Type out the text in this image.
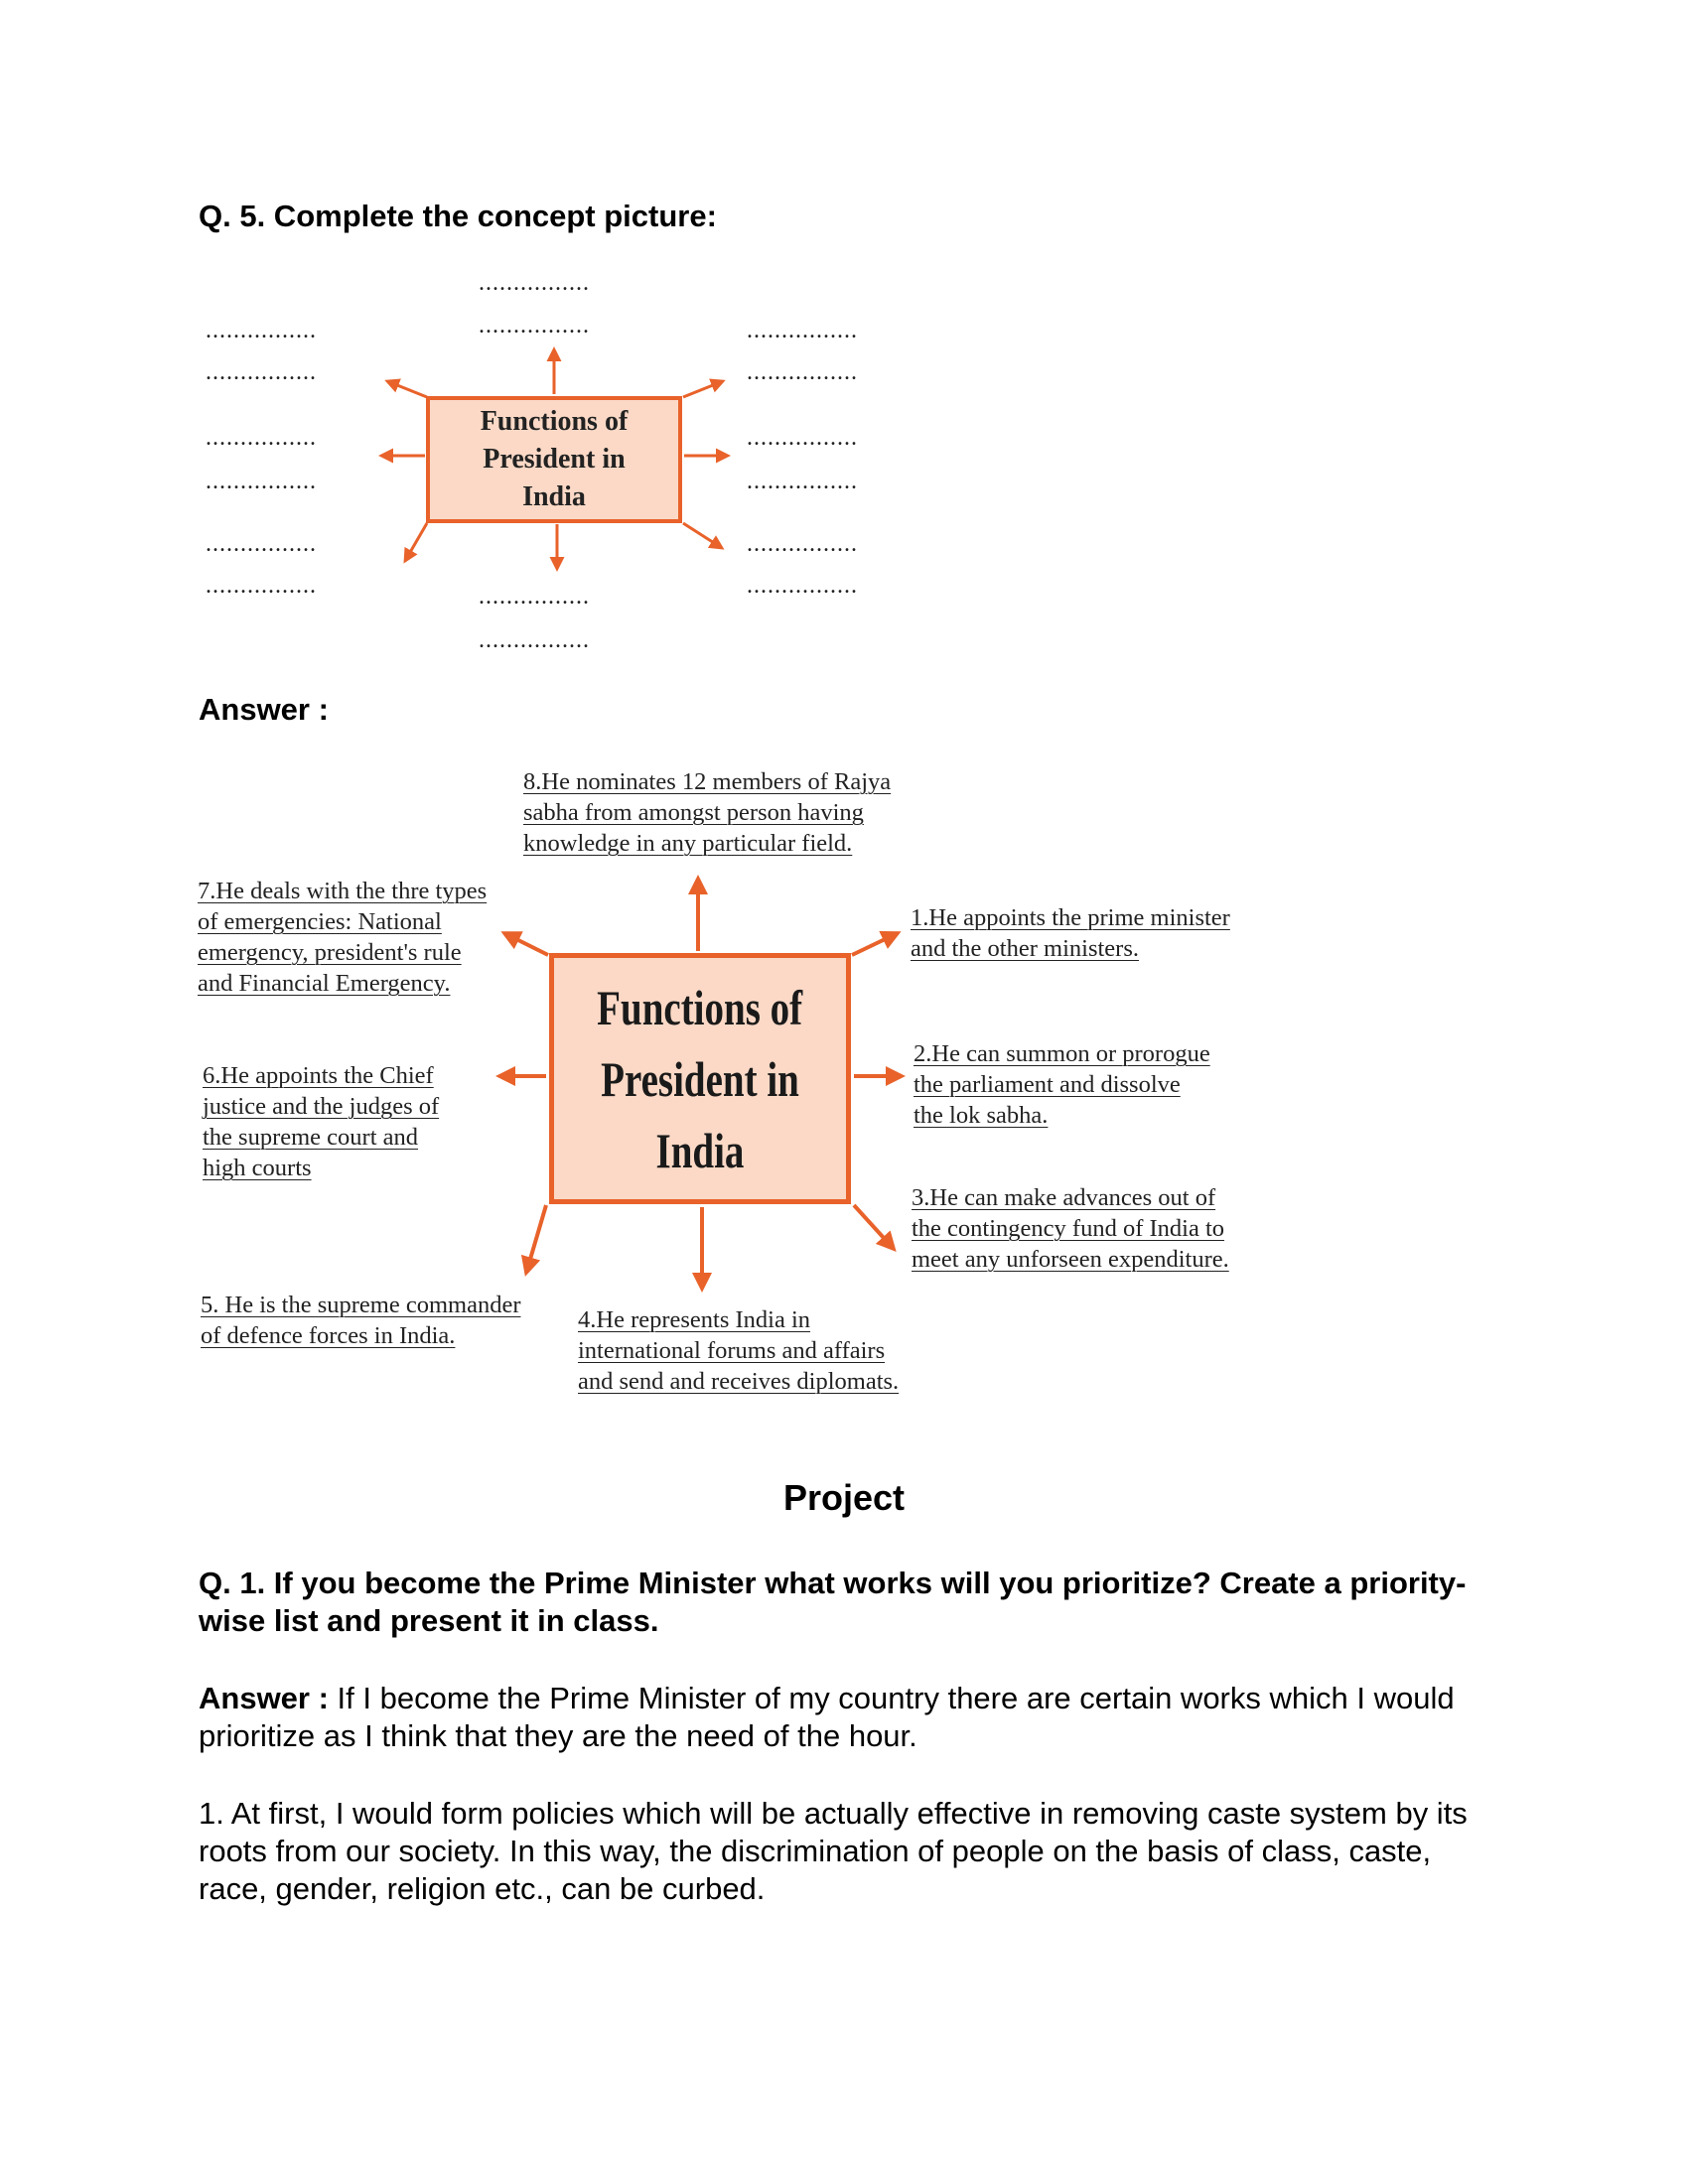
Q. 5. Complete the concept picture:
................
................
................
................
................
................
................
................
................
................
................
................
................
................
................
................
Functions of
President in
India
Answer :
Functions of
President in
India
8.He nominates 12 members of Rajya
sabha from amongst person having
knowledge in any particular field.
7.He deals with the thre types
of emergencies: National
emergency, president's rule
and Financial Emergency.
1.He appoints the prime minister
and the other ministers.
6.He appoints the Chief
justice and the judges of
the supreme court and
high courts
2.He can summon or prorogue
the parliament and dissolve
the lok sabha.
3.He can make advances out of
the contingency fund of India to
meet any unforseen expenditure.
5. He is the supreme commander
of defence forces in India.
4.He represents India in
international forums and affairs
and send and receives diplomats.
Project
Q. 1. If you become the Prime Minister what works will you prioritize? Create a priority-wise list and present it in class.
Answer : If I become the Prime Minister of my country there are certain works which I would prioritize as I think that they are the need of the hour.
1. At first, I would form policies which will be actually effective in removing caste system by its roots from our society. In this way, the discrimination of people on the basis of class, caste, race, gender, religion etc., can be curbed.
